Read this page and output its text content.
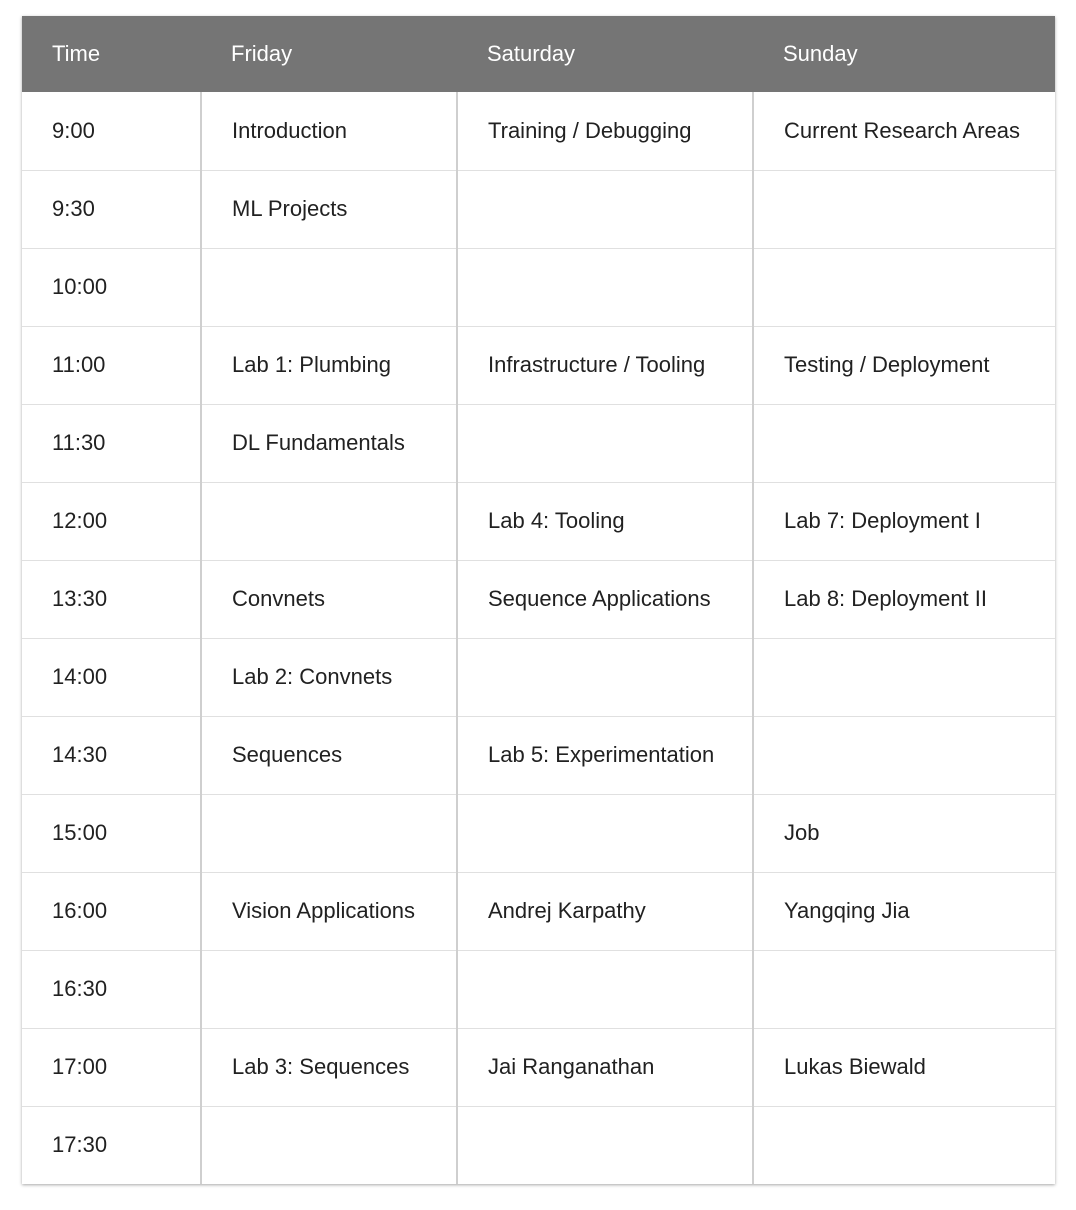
Time	Friday	Saturday	Sunday
9:00	Introduction	Training / Debugging	Current Research Areas
9:30	ML Projects		
10:00			
11:00	Lab 1: Plumbing	Infrastructure / Tooling	Testing / Deployment
11:30	DL Fundamentals		
12:00		Lab 4: Tooling	Lab 7: Deployment I
13:30	Convnets	Sequence Applications	Lab 8: Deployment II
14:00	Lab 2: Convnets		
14:30	Sequences	Lab 5: Experimentation	
15:00			Job
16:00	Vision Applications	Andrej Karpathy	Yangqing Jia
16:30			
17:00	Lab 3: Sequences	Jai Ranganathan	Lukas Biewald
17:30			
